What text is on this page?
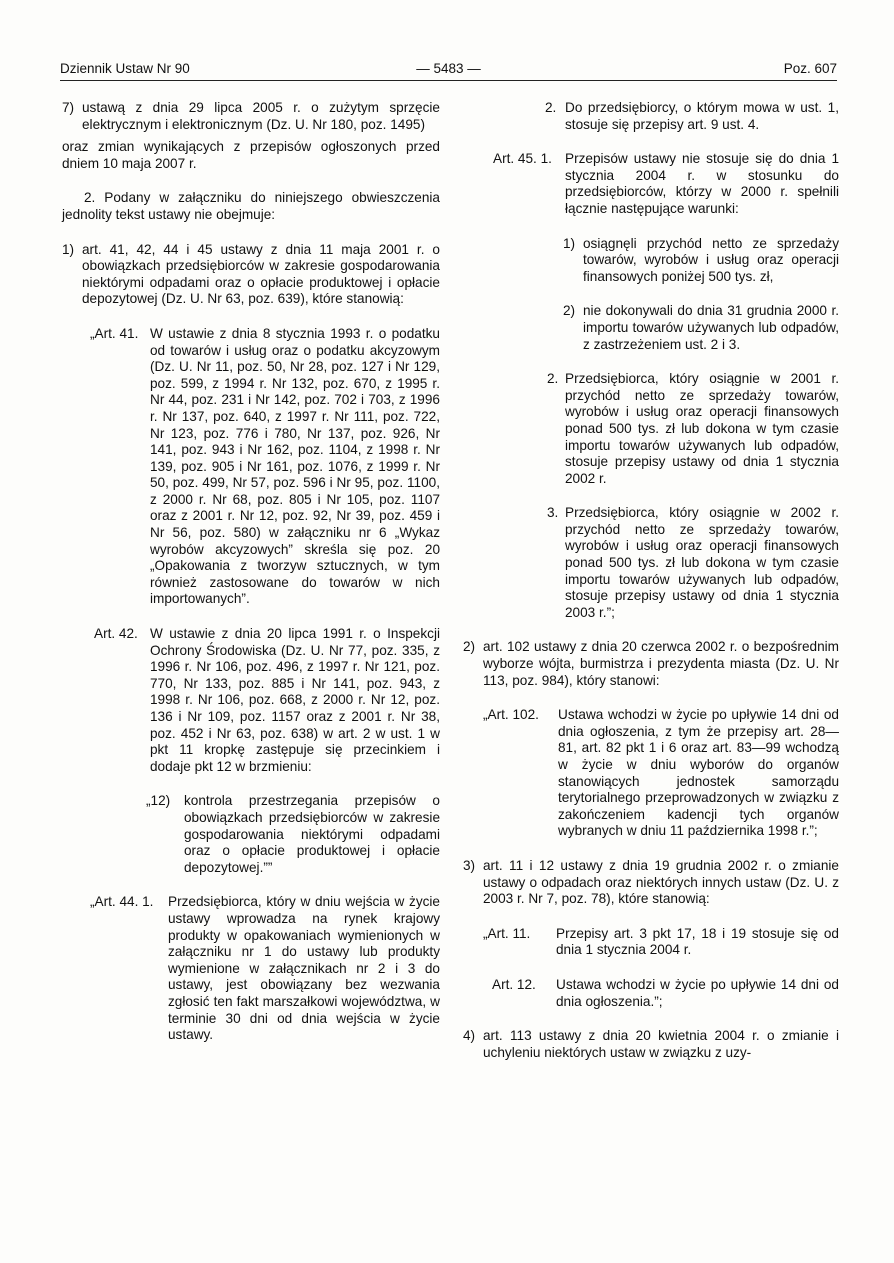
Dziennik Ustaw Nr 90	— 5483 —	Poz. 607

7) ustawą z dnia 29 lipca 2005 r. o zużytym sprzęcie elektrycznym i elektronicznym (Dz. U. Nr 180, poz. 1495)

oraz zmian wynikających z przepisów ogłoszonych przed dniem 10 maja 2007 r.

2. Podany w załączniku do niniejszego obwieszczenia jednolity tekst ustawy nie obejmuje:

1) art. 41, 42, 44 i 45 ustawy z dnia 11 maja 2001 r. o obowiązkach przedsiębiorców w zakresie gospodarowania niektórymi odpadami oraz o opłacie produktowej i opłacie depozytowej (Dz. U. Nr 63, poz. 639), które stanowią:

„Art. 41. W ustawie z dnia 8 stycznia 1993 r. o podatku od towarów i usług oraz o podatku akcyzowym (Dz. U. Nr 11, poz. 50, Nr 28, poz. 127 i Nr 129, poz. 599, z 1994 r. Nr 132, poz. 670, z 1995 r. Nr 44, poz. 231 i Nr 142, poz. 702 i 703, z 1996 r. Nr 137, poz. 640, z 1997 r. Nr 111, poz. 722, Nr 123, poz. 776 i 780, Nr 137, poz. 926, Nr 141, poz. 943 i Nr 162, poz. 1104, z 1998 r. Nr 139, poz. 905 i Nr 161, poz. 1076, z 1999 r. Nr 50, poz. 499, Nr 57, poz. 596 i Nr 95, poz. 1100, z 2000 r. Nr 68, poz. 805 i Nr 105, poz. 1107 oraz z 2001 r. Nr 12, poz. 92, Nr 39, poz. 459 i Nr 56, poz. 580) w załączniku nr 6 „Wykaz wyrobów akcyzowych” skreśla się poz. 20 „Opakowania z tworzyw sztucznych, w tym również zastosowane do towarów w nich importowanych”.

Art. 42. W ustawie z dnia 20 lipca 1991 r. o Inspekcji Ochrony Środowiska (Dz. U. Nr 77, poz. 335, z 1996 r. Nr 106, poz. 496, z 1997 r. Nr 121, poz. 770, Nr 133, poz. 885 i Nr 141, poz. 943, z 1998 r. Nr 106, poz. 668, z 2000 r. Nr 12, poz. 136 i Nr 109, poz. 1157 oraz z 2001 r. Nr 38, poz. 452 i Nr 63, poz. 638) w art. 2 w ust. 1 w pkt 11 kropkę zastępuje się przecinkiem i dodaje pkt 12 w brzmieniu:

„12) kontrola przestrzegania przepisów o obowiązkach przedsiębiorców w zakresie gospodarowania niektórymi odpadami oraz o opłacie produktowej i opłacie depozytowej.””

„Art. 44. 1. Przedsiębiorca, który w dniu wejścia w życie ustawy wprowadza na rynek krajowy produkty w opakowaniach wymienionych w załączniku nr 1 do ustawy lub produkty wymienione w załącznikach nr 2 i 3 do ustawy, jest obowiązany bez wezwania zgłosić ten fakt marszałkowi województwa, w terminie 30 dni od dnia wejścia w życie ustawy.

2. Do przedsiębiorcy, o którym mowa w ust. 1, stosuje się przepisy art. 9 ust. 4.

Art. 45. 1. Przepisów ustawy nie stosuje się do dnia 1 stycznia 2004 r. w stosunku do przedsiębiorców, którzy w 2000 r. spełnili łącznie następujące warunki:

1) osiągnęli przychód netto ze sprzedaży towarów, wyrobów i usług oraz operacji finansowych poniżej 500 tys. zł,

2) nie dokonywali do dnia 31 grudnia 2000 r. importu towarów używanych lub odpadów, z zastrzeżeniem ust. 2 i 3.

2. Przedsiębiorca, który osiągnie w 2001 r. przychód netto ze sprzedaży towarów, wyrobów i usług oraz operacji finansowych ponad 500 tys. zł lub dokona w tym czasie importu towarów używanych lub odpadów, stosuje przepisy ustawy od dnia 1 stycznia 2002 r.

3. Przedsiębiorca, który osiągnie w 2002 r. przychód netto ze sprzedaży towarów, wyrobów i usług oraz operacji finansowych ponad 500 tys. zł lub dokona w tym czasie importu towarów używanych lub odpadów, stosuje przepisy ustawy od dnia 1 stycznia 2003 r.”;

2) art. 102 ustawy z dnia 20 czerwca 2002 r. o bezpośrednim wyborze wójta, burmistrza i prezydenta miasta (Dz. U. Nr 113, poz. 984), który stanowi:

„Art. 102. Ustawa wchodzi w życie po upływie 14 dni od dnia ogłoszenia, z tym że przepisy art. 28—81, art. 82 pkt 1 i 6 oraz art. 83—99 wchodzą w życie w dniu wyborów do organów stanowiących jednostek samorządu terytorialnego przeprowadzonych w związku z zakończeniem kadencji tych organów wybranych w dniu 11 października 1998 r.”;

3) art. 11 i 12 ustawy z dnia 19 grudnia 2002 r. o zmianie ustawy o odpadach oraz niektórych innych ustaw (Dz. U. z 2003 r. Nr 7, poz. 78), które stanowią:

„Art. 11. Przepisy art. 3 pkt 17, 18 i 19 stosuje się od dnia 1 stycznia 2004 r.

Art. 12. Ustawa wchodzi w życie po upływie 14 dni od dnia ogłoszenia.”;

4) art. 113 ustawy z dnia 20 kwietnia 2004 r. o zmianie i uchyleniu niektórych ustaw w związku z uzy-
